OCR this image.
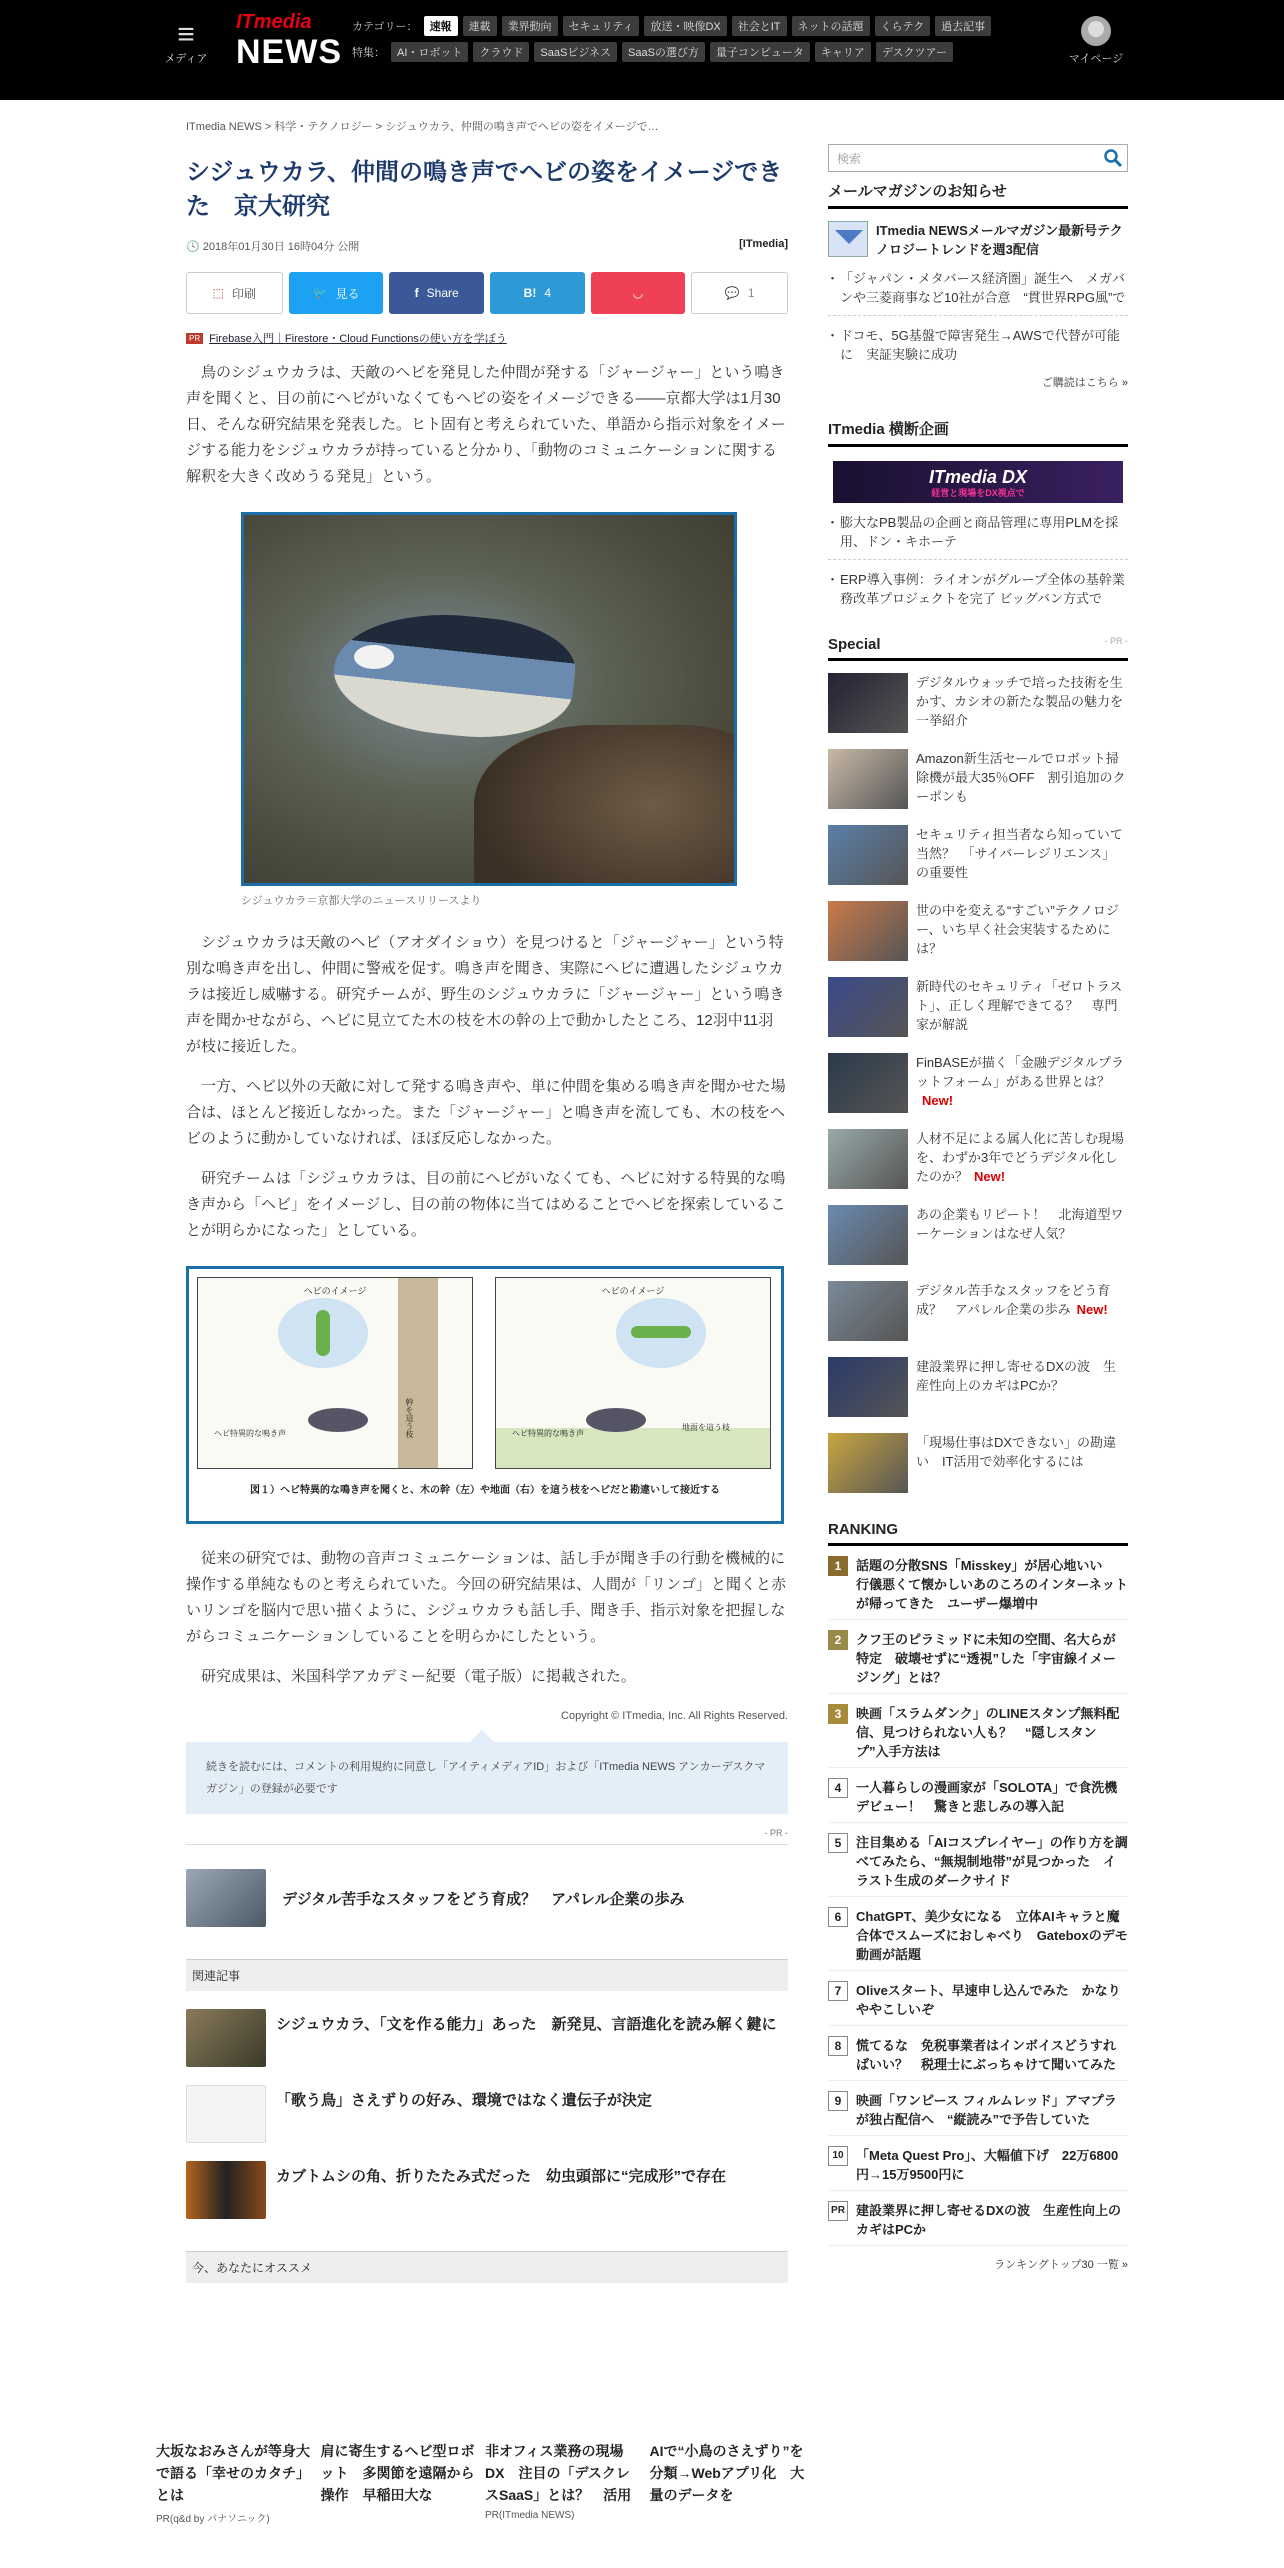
≡
メディア
ITmedia
NEWS
カテゴリー：	速報	連載	業界動向	セキュリティ	放送・映像DX	社会とIT	ネットの話題	くらテク	過去記事
特集：	AI・ロボット	クラウド	SaaSビジネス	SaaSの選び方	量子コンピュータ	キャリア	デスクツアー	マイページ
ITmedia NEWS > 科学・テクノロジー > シジュウカラ、仲間の鳴き声でヘビの姿をイメージで…
シジュウカラ、仲間の鳴き声でヘビの姿をイメージできた　京大研究
🕓 2018年01月30日 16時04分 公開	[ITmedia]
⬚ 印刷	🐦 見る	f Share	B! 4	◡	💬 1
PR Firebase入門｜Firestore・Cloud Functionsの使い方を学ぼう

鳥のシジュウカラは、天敵のヘビを発見した仲間が発する「ジャージャー」という鳴き声を聞くと、目の前にヘビがいなくてもヘビの姿をイメージできる――京都大学は1月30日、そんな研究結果を発表した。ヒト固有と考えられていた、単語から指示対象をイメージする能力をシジュウカラが持っていると分かり、「動物のコミュニケーションに関する解釈を大きく改めうる発見」という。

シジュウカラ＝京都大学のニュースリリースより

シジュウカラは天敵のヘビ（アオダイショウ）を見つけると「ジャージャー」という特別な鳴き声を出し、仲間に警戒を促す。鳴き声を聞き、実際にヘビに遭遇したシジュウカラは接近し威嚇する。研究チームが、野生のシジュウカラに「ジャージャー」という鳴き声を聞かせながら、ヘビに見立てた木の枝を木の幹の上で動かしたところ、12羽中11羽が枝に接近した。

一方、ヘビ以外の天敵に対して発する鳴き声や、単に仲間を集める鳴き声を聞かせた場合は、ほとんど接近しなかった。また「ジャージャー」と鳴き声を流しても、木の枝をヘビのように動かしていなければ、ほぼ反応しなかった。

研究チームは「シジュウカラは、目の前にヘビがいなくても、ヘビに対する特異的な鳴き声から「ヘビ」をイメージし、目の前の物体に当てはめることでヘビを探索していることが明らかになった」としている。

ヘビのイメージ
ヘビ特異的な鳴き声	幹を這う枝
ヘビのイメージ
ヘビ特異的な鳴き声
地面を這う枝
図１）ヘビ特異的な鳴き声を聞くと、木の幹（左）や地面（右）を這う枝をヘビだと勘違いして接近する

従来の研究では、動物の音声コミュニケーションは、話し手が聞き手の行動を機械的に操作する単純なものと考えられていた。今回の研究結果は、人間が「リンゴ」と聞くと赤いリンゴを脳内で思い描くように、シジュウカラも話し手、聞き手、指示対象を把握しながらコミュニケーションしていることを明らかにしたという。

研究成果は、米国科学アカデミー紀要（電子版）に掲載された。

Copyright © ITmedia, Inc. All Rights Reserved.
続きを読むには、コメントの利用規約に同意し「アイティメディアID」および「ITmedia NEWS アンカーデスクマガジン」の登録が必要です
- PR -
デジタル苦手なスタッフをどう育成？　アパレル企業の歩み
関連記事
シジュウカラ、「文を作る能力」あった　新発見、言語進化を読み解く鍵に
「歌う鳥」さえずりの好み、環境ではなく遺伝子が決定
カブトムシの角、折りたたみ式だった　幼虫頭部に“完成形”で存在
今、あなたにオススメ
大坂なおみさんが等身大で語る「幸せのカタチ」とは
肩に寄生するヘビ型ロボット　多関節を遠隔から操作　早稲田大な
非オフィス業務の現場DX　注目の「デスクレスSaaS」とは？　活用
AIで“小鳥のさえずり”を分類→Webアプリ化　大量のデータを
PR(q&d by パナソニック)	PR(ITmedia NEWS)
検索
メールマガジンのお知らせ
ITmedia NEWSメールマガジン最新号テクノロジートレンドを週3配信
・ 「ジャパン・メタバース経済圏」誕生へ　メガバンや三菱商事など10社が合意　“貫世界RPG風”で
・ ドコモ、5G基盤で障害発生→AWSで代替が可能に　実証実験に成功
ご購読はこちら »
ITmedia 横断企画
ITmedia DX
経営と現場をDX視点で
・ 膨大なPB製品の企画と商品管理に専用PLMを採用、ドン・キホーテ
・ ERP導入事例：ライオンがグループ全体の基幹業務改革プロジェクトを完了 ビッグバン方式で
Special	- PR -
デジタルウォッチで培った技術を生かす、カシオの新たな製品の魅力を一挙紹介
Amazon新生活セールでロボット掃除機が最大35％OFF　割引追加のクーポンも
セキュリティ担当者なら知っていて当然？　「サイバーレジリエンス」の重要性
世の中を変える“すごい”テクノロジー、いち早く社会実装するためには？
新時代のセキュリティ「ゼロトラスト」、正しく理解できてる？　専門家が解説
FinBASEが描く「金融デジタルプラットフォーム」がある世界とは？New!
人材不足による属人化に苦しむ現場を、わずか3年でどうデジタル化したのか？ New!
あの企業もリピート！　北海道型ワーケーションはなぜ人気？
デジタル苦手なスタッフをどう育成？　アパレル企業の歩み New!
建設業界に押し寄せるDXの波　生産性向上のカギはPCか？
「現場仕事はDXできない」の勘違い　IT活用で効率化するには
RANKING
1	話題の分散SNS「Misskey」が居心地いい　行儀悪くて懐かしいあのころのインターネットが帰ってきた　ユーザー爆増中
2	クフ王のピラミッドに未知の空間、名大らが特定　破壊せずに“透視”した「宇宙線イメージング」とは？
3	映画「スラムダンク」のLINEスタンプ無料配信、見つけられない人も？　“隠しスタンプ”入手方法は
4	一人暮らしの漫画家が「SOLOTA」で食洗機デビュー！　驚きと悲しみの導入記
5	注目集める「AIコスプレイヤー」の作り方を調べてみたら、“無規制地帯”が見つかった　イラスト生成のダークサイド
6	ChatGPT、美少女になる　立体AIキャラと魔合体でスムーズにおしゃべり　Gateboxのデモ動画が話題
7	Oliveスタート、早速申し込んでみた　かなりややこしいぞ
8	慌てるな　免税事業者はインボイスどうすればいい？　税理士にぶっちゃけて聞いてみた
9	映画「ワンピース フィルムレッド」アマプラが独占配信へ　“縦読み”で予告していた
10 「Meta Quest Pro」、大幅値下げ　22万6800円→15万9500円に
PR 建設業界に押し寄せるDXの波　生産性向上のカギはPCか
ランキングトップ30 一覧 »
